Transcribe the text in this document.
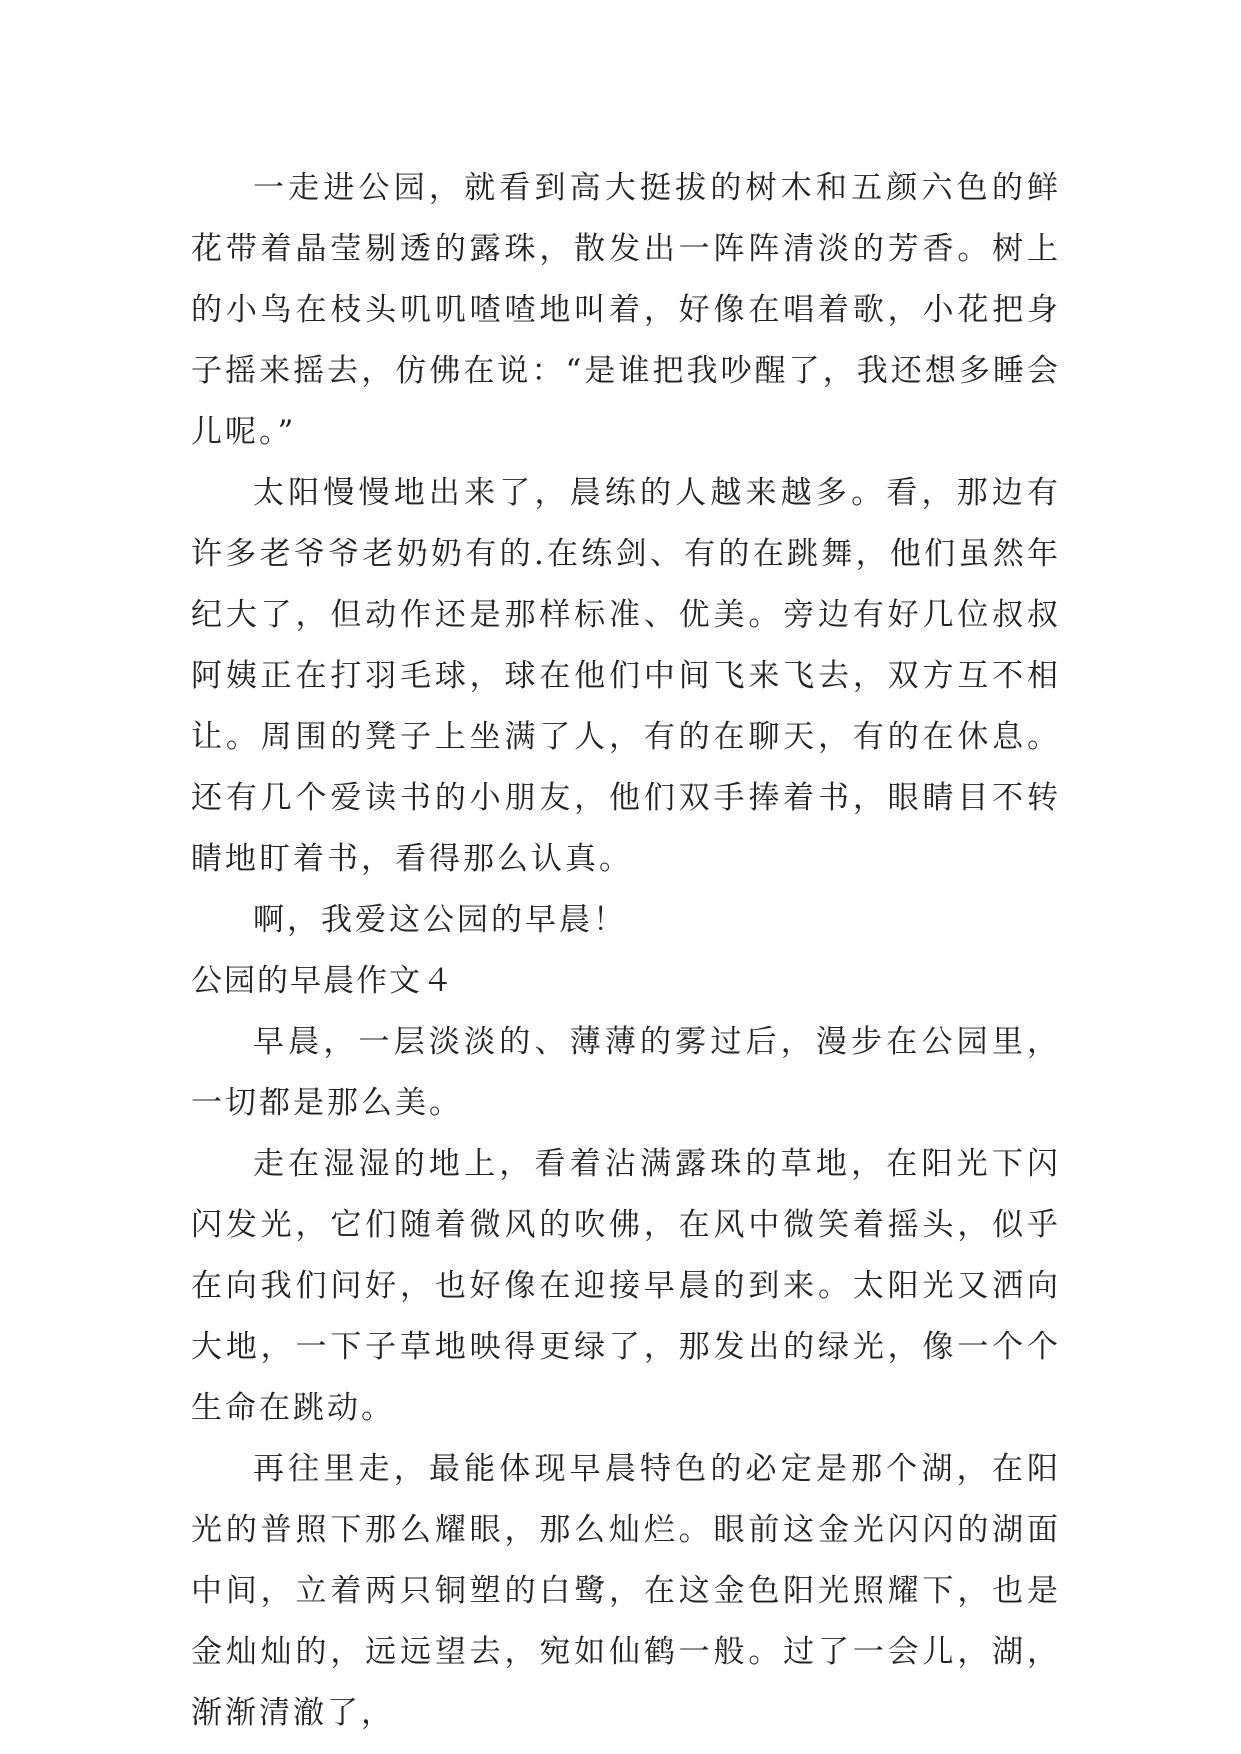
一走进公园，就看到高大挺拔的树木和五颜六色的鲜花带着晶莹剔透的露珠，散发出一阵阵清淡的芳香。树上的小鸟在枝头叽叽喳喳地叫着，好像在唱着歌，小花把身子摇来摇去，仿佛在说：“是谁把我吵醒了，我还想多睡会儿呢。”

太阳慢慢地出来了，晨练的人越来越多。看，那边有许多老爷爷老奶奶有的.在练剑、有的在跳舞，他们虽然年纪大了，但动作还是那样标准、优美。旁边有好几位叔叔阿姨正在打羽毛球，球在他们中间飞来飞去，双方互不相让。周围的凳子上坐满了人，有的在聊天，有的在休息。还有几个爱读书的小朋友，他们双手捧着书，眼睛目不转睛地盯着书，看得那么认真。

啊，我爱这公园的早晨！

公园的早晨作文４

早晨，一层淡淡的、薄薄的雾过后，漫步在公园里，一切都是那么美。

走在湿湿的地上，看着沾满露珠的草地，在阳光下闪闪发光，它们随着微风的吹佛，在风中微笑着摇头，似乎在向我们问好，也好像在迎接早晨的到来。太阳光又洒向大地，一下子草地映得更绿了，那发出的绿光，像一个个生命在跳动。

再往里走，最能体现早晨特色的必定是那个湖，在阳光的普照下那么耀眼，那么灿烂。眼前这金光闪闪的湖面中间，立着两只铜塑的白鹭，在这金色阳光照耀下，也是金灿灿的，远远望去，宛如仙鹤一般。过了一会儿，湖，渐渐清澈了，
